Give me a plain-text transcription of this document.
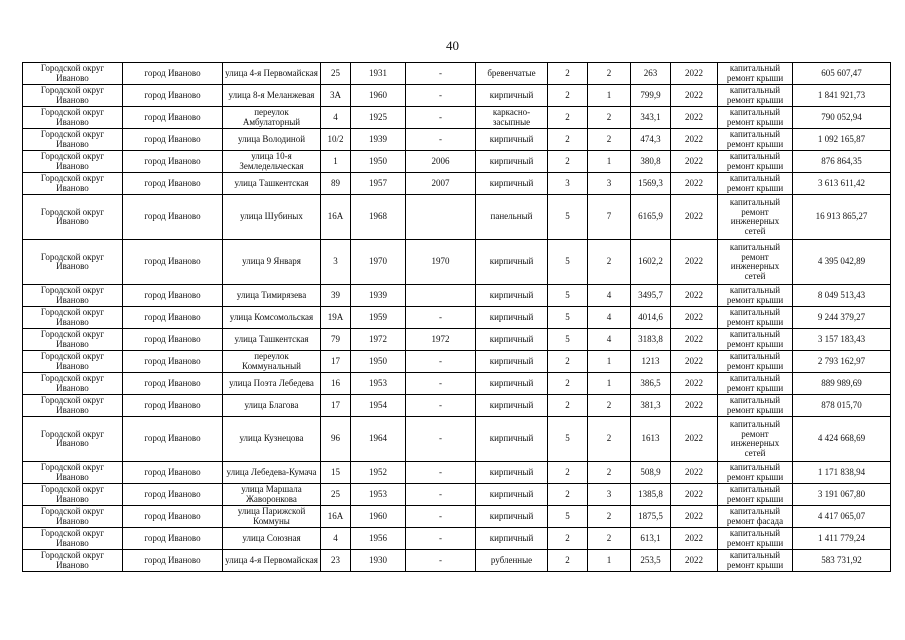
40
Городской округ Иваново	город Иваново	улица 4-я Первомайская	25	1931	-	бревенчатые	2	2	263	2022	капитальный ремонт крыши	605 607,47
Городской округ Иваново	город Иваново	улица 8-я Меланжевая	3А	1960	-	кирпичный	2	1	799,9	2022	капитальный ремонт крыши	1 841 921,73
Городской округ Иваново	город Иваново	переулок Амбулаторный	4	1925	-	каркасно-засыпные	2	2	343,1	2022	капитальный ремонт крыши	790 052,94
Городской округ Иваново	город Иваново	улица Володиной	10/2	1939	-	кирпичный	2	2	474,3	2022	капитальный ремонт крыши	1 092 165,87
Городской округ Иваново	город Иваново	улица 10-я Земледельческая	1	1950	2006	кирпичный	2	1	380,8	2022	капитальный ремонт крыши	876 864,35
Городской округ Иваново	город Иваново	улица Ташкентская	89	1957	2007	кирпичный	3	3	1569,3	2022	капитальный ремонт крыши	3 613 611,42
Городской округ Иваново	город Иваново	улица Шубиных	16А	1968		панельный	5	7	6165,9	2022	капитальный ремонт инженерных сетей	16 913 865,27
Городской округ Иваново	город Иваново	улица 9 Января	3	1970	1970	кирпичный	5	2	1602,2	2022	капитальный ремонт инженерных сетей	4 395 042,89
Городской округ Иваново	город Иваново	улица Тимирязева	39	1939		кирпичный	5	4	3495,7	2022	капитальный ремонт крыши	8 049 513,43
Городской округ Иваново	город Иваново	улица Комсомольская	19А	1959	-	кирпичный	5	4	4014,6	2022	капитальный ремонт крыши	9 244 379,27
Городской округ Иваново	город Иваново	улица Ташкентская	79	1972	1972	кирпичный	5	4	3183,8	2022	капитальный ремонт крыши	3 157 183,43
Городской округ Иваново	город Иваново	переулок Коммунальный	17	1950	-	кирпичный	2	1	1213	2022	капитальный ремонт крыши	2 793 162,97
Городской округ Иваново	город Иваново	улица Поэта Лебедева	16	1953	-	кирпичный	2	1	386,5	2022	капитальный ремонт крыши	889 989,69
Городской округ Иваново	город Иваново	улица Благова	17	1954	-	кирпичный	2	2	381,3	2022	капитальный ремонт крыши	878 015,70
Городской округ Иваново	город Иваново	улица Кузнецова	96	1964	-	кирпичный	5	2	1613	2022	капитальный ремонт инженерных сетей	4 424 668,69
Городской округ Иваново	город Иваново	улица Лебедева-Кумача	15	1952	-	кирпичный	2	2	508,9	2022	капитальный ремонт крыши	1 171 838,94
Городской округ Иваново	город Иваново	улица Маршала Жаворонкова	25	1953	-	кирпичный	2	3	1385,8	2022	капитальный ремонт крыши	3 191 067,80
Городской округ Иваново	город Иваново	улица Парижской Коммуны	16А	1960	-	кирпичный	5	2	1875,5	2022	капитальный ремонт фасада	4 417 065,07
Городской округ Иваново	город Иваново	улица Союзная	4	1956	-	кирпичный	2	2	613,1	2022	капитальный ремонт крыши	1 411 779,24
Городской округ Иваново	город Иваново	улица 4-я Первомайская	23	1930	-	рубленные	2	1	253,5	2022	капитальный ремонт крыши	583 731,92
